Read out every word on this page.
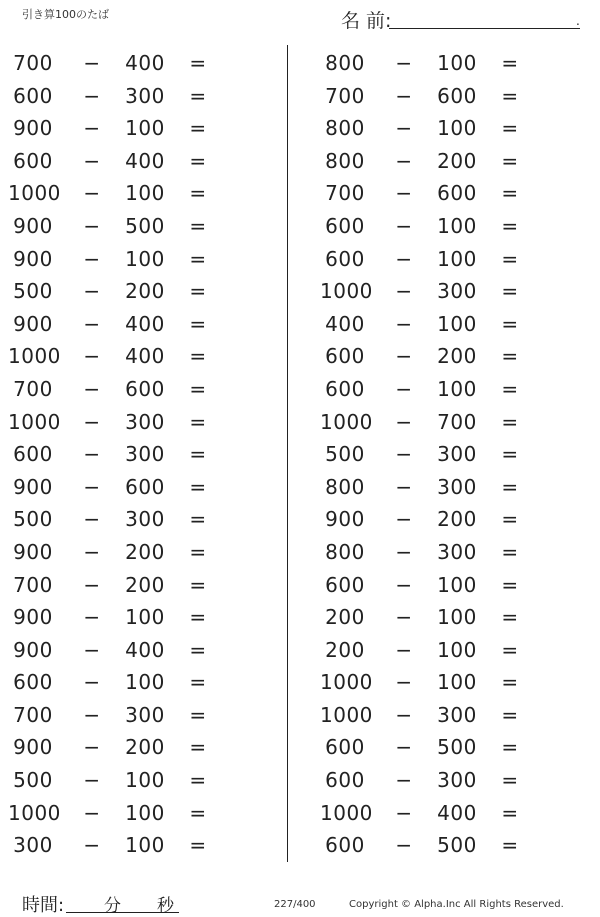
引き算100のたば	名 前:	.
700 − 400 =
600 − 300 =
900 − 100 =
600 − 400 =
1000 − 100 =
900 − 500 =
900 − 100 =
500 − 200 =
900 − 400 =
1000 − 400 =
700 − 600 =
1000 − 300 =
600 − 300 =
900 − 600 =
500 − 300 =
900 − 200 =
700 − 200 =
900 − 100 =
900 − 400 =
600 − 100 =
700 − 300 =
900 − 200 =
500 − 100 =
1000 − 100 =
300 − 100 =
800 − 100 =
700 − 600 =
800 − 100 =
800 − 200 =
700 − 600 =
600 − 100 =
600 − 100 =
1000 − 300 =
400 − 100 =
600 − 200 =
600 − 100 =
1000 − 700 =
500 − 300 =
800 − 300 =
900 − 200 =
800 − 300 =
600 − 100 =
200 − 100 =
200 − 100 =
1000 − 100 =
1000 − 300 =
600 − 500 =
600 − 300 =
1000 − 400 =
600 − 500 =
時間: 分 秒	227/400	Copyright © Alpha.Inc All Rights Reserved.
